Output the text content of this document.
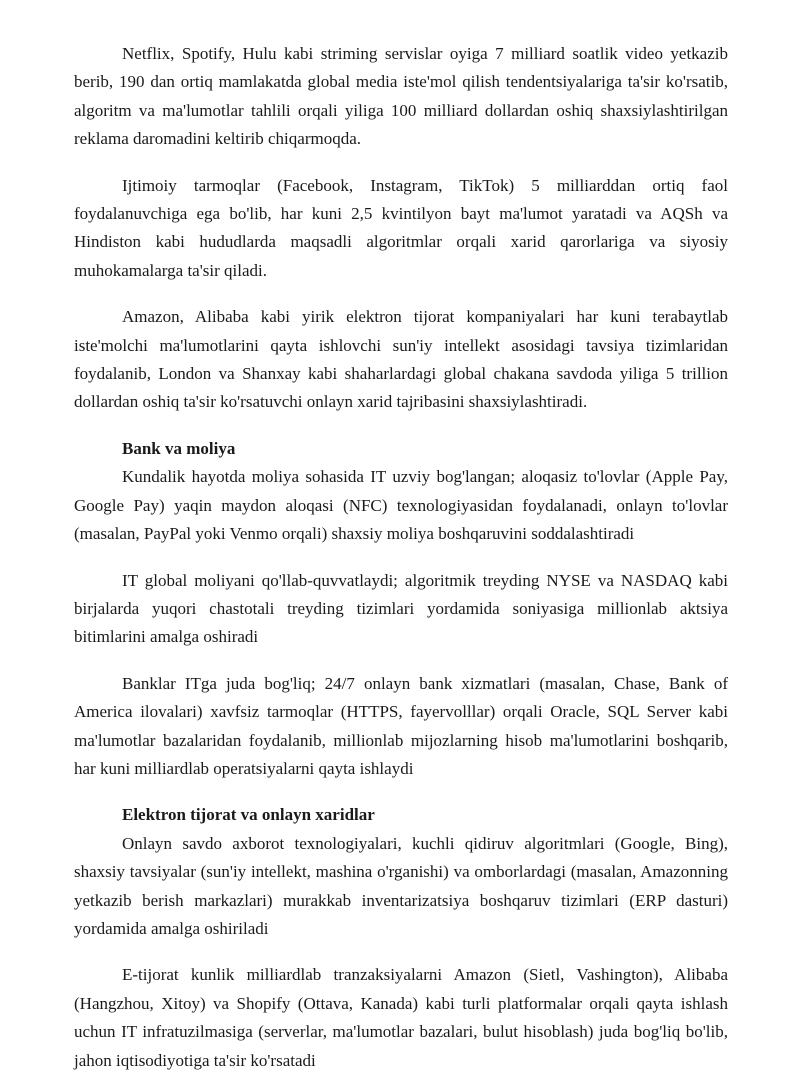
Netflix, Spotify, Hulu kabi striming servislar oyiga 7 milliard soatlik video yetkazib berib, 190 dan ortiq mamlakatda global media iste'mol qilish tendentsiyalariga ta'sir ko'rsatib, algoritm va ma'lumotlar tahlili orqali yiliga 100 milliard dollardan oshiq shaxsiylashtirilgan reklama daromadini keltirib chiqarmoqda.

Ijtimoiy tarmoqlar (Facebook, Instagram, TikTok) 5 milliarddan ortiq faol foydalanuvchiga ega bo'lib, har kuni 2,5 kvintilyon bayt ma'lumot yaratadi va AQSh va Hindiston kabi hududlarda maqsadli algoritmlar orqali xarid qarorlariga va siyosiy muhokamalarga ta'sir qiladi.

Amazon, Alibaba kabi yirik elektron tijorat kompaniyalari har kuni terabaytlab iste'molchi ma'lumotlarini qayta ishlovchi sun'iy intellekt asosidagi tavsiya tizimlaridan foydalanib, London va Shanxay kabi shaharlardagi global chakana savdoda yiliga 5 trillion dollardan oshiq ta'sir ko'rsatuvchi onlayn xarid tajribasini shaxsiylashtiradi.

Bank va moliya

Kundalik hayotda moliya sohasida IT uzviy bog'langan; aloqasiz to'lovlar (Apple Pay, Google Pay) yaqin maydon aloqasi (NFC) texnologiyasidan foydalanadi, onlayn to'lovlar (masalan, PayPal yoki Venmo orqali) shaxsiy moliya boshqaruvini soddalashtiradi

IT global moliyani qo'llab-quvvatlaydi; algoritmik treyding NYSE va NASDAQ kabi birjalarda yuqori chastotali treyding tizimlari yordamida soniyasiga millionlab aktsiya bitimlarini amalga oshiradi

Banklar ITga juda bog'liq; 24/7 onlayn bank xizmatlari (masalan, Chase, Bank of America ilovalari) xavfsiz tarmoqlar (HTTPS, fayervolllar) orqali Oracle, SQL Server kabi ma'lumotlar bazalaridan foydalanib, millionlab mijozlarning hisob ma'lumotlarini boshqarib, har kuni milliardlab operatsiyalarni qayta ishlaydi

Elektron tijorat va onlayn xaridlar

Onlayn savdo axborot texnologiyalari, kuchli qidiruv algoritmlari (Google, Bing), shaxsiy tavsiyalar (sun'iy intellekt, mashina o'rganishi) va omborlardagi (masalan, Amazonning yetkazib berish markazlari) murakkab inventarizatsiya boshqaruv tizimlari (ERP dasturi) yordamida amalga oshiriladi

E-tijorat kunlik milliardlab tranzaksiyalarni Amazon (Sietl, Vashington), Alibaba (Hangzhou, Xitoy) va Shopify (Ottava, Kanada) kabi turli platformalar orqali qayta ishlash uchun IT infratuzilmasiga (serverlar, ma'lumotlar bazalari, bulut hisoblash) juda bog'liq bo'lib, jahon iqtisodiyotiga ta'sir ko'rsatadi
